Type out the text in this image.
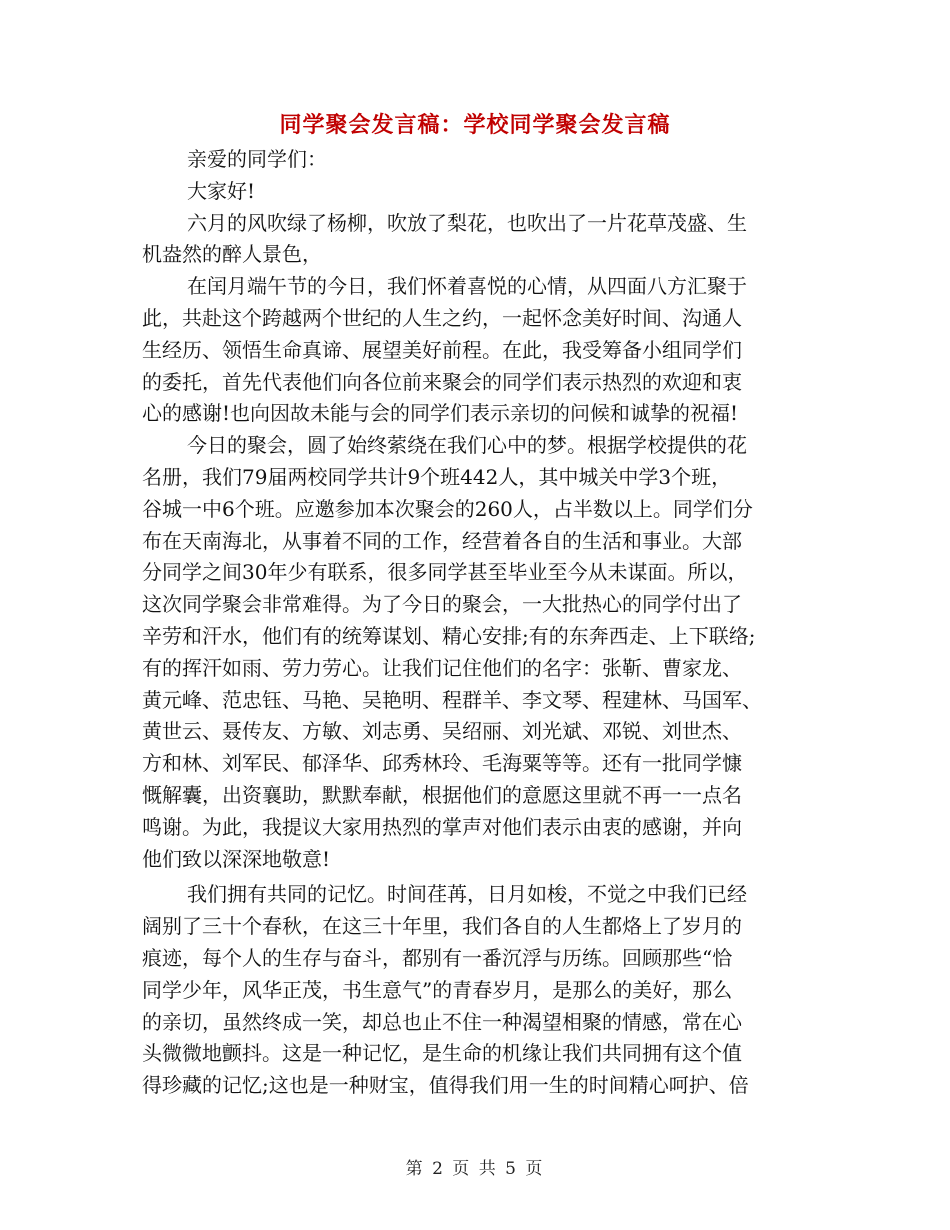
同学聚会发言稿：学校同学聚会发言稿
亲爱的同学们：
大家好!
六月的风吹绿了杨柳，吹放了梨花，也吹出了一片花草茂盛、生
机盎然的醉人景色，
在闰月端午节的今日，我们怀着喜悦的心情，从四面八方汇聚于
此，共赴这个跨越两个世纪的人生之约，一起怀念美好时间、沟通人
生经历、领悟生命真谛、展望美好前程。在此，我受筹备小组同学们
的委托，首先代表他们向各位前来聚会的同学们表示热烈的欢迎和衷
心的感谢!也向因故未能与会的同学们表示亲切的问候和诚挚的祝福!
今日的聚会，圆了始终萦绕在我们心中的梦。根据学校提供的花
名册，我们79届两校同学共计9个班442人，其中城关中学3个班，
谷城一中6个班。应邀参加本次聚会的260人，占半数以上。同学们分
布在天南海北，从事着不同的工作，经营着各自的生活和事业。大部
分同学之间30年少有联系，很多同学甚至毕业至今从未谋面。所以，
这次同学聚会非常难得。为了今日的聚会，一大批热心的同学付出了
辛劳和汗水，他们有的统筹谋划、精心安排;有的东奔西走、上下联络;
有的挥汗如雨、劳力劳心。让我们记住他们的名字：张靳、曹家龙、
黄元峰、范忠钰、马艳、吴艳明、程群羊、李文琴、程建林、马国军、
黄世云、聂传友、方敏、刘志勇、吴绍丽、刘光斌、邓锐、刘世杰、
方和林、刘军民、郁泽华、邱秀林玲、毛海粟等等。还有一批同学慷
慨解囊，出资襄助，默默奉献，根据他们的意愿这里就不再一一点名
鸣谢。为此，我提议大家用热烈的掌声对他们表示由衷的感谢，并向
他们致以深深地敬意!
我们拥有共同的记忆。时间荏苒，日月如梭，不觉之中我们已经
阔别了三十个春秋，在这三十年里，我们各自的人生都烙上了岁月的
痕迹，每个人的生存与奋斗，都别有一番沉浮与历练。回顾那些“恰
同学少年，风华正茂，书生意气”的青春岁月，是那么的美好，那么
的亲切，虽然终成一笑，却总也止不住一种渴望相聚的情感，常在心
头微微地颤抖。这是一种记忆，是生命的机缘让我们共同拥有这个值
得珍藏的记忆;这也是一种财宝，值得我们用一生的时间精心呵护、倍
第 2 页 共 5 页
